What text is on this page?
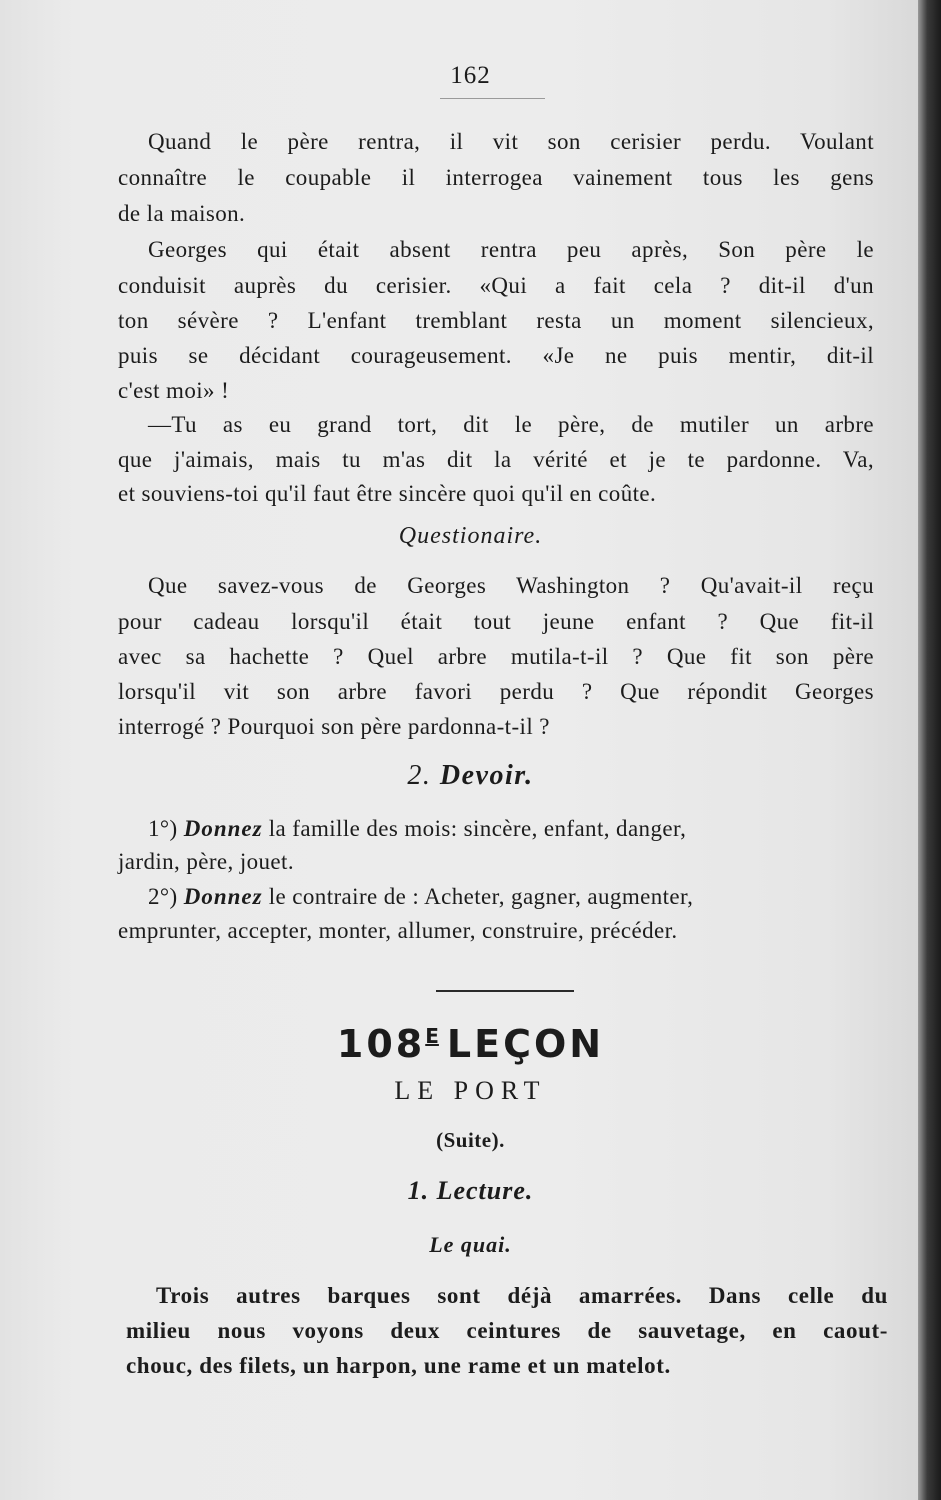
162

Quand le père rentra, il vit son cerisier perdu. Voulant

connaître le coupable il interrogea vainement tous les gens

de la maison.

Georges qui était absent rentra peu après, Son père le

conduisit auprès du cerisier. «Qui a fait cela ? dit-il d'un

ton sévère ? L'enfant tremblant resta un moment silencieux,

puis se décidant courageusement. «Je ne puis mentir, dit-il

c'est moi» !

—Tu as eu grand tort, dit le père, de mutiler un arbre

que j'aimais, mais tu m'as dit la vérité et je te pardonne. Va,

et souviens-toi qu'il faut être sincère quoi qu'il en coûte.

Questionaire.

Que savez-vous de Georges Washington ? Qu'avait-il reçu

pour cadeau lorsqu'il était tout jeune enfant ? Que fit-il

avec sa hachette ? Quel arbre mutila-t-il ? Que fit son père

lorsqu'il vit son arbre favori perdu ? Que répondit Georges

interrogé ? Pourquoi son père pardonna-t-il ?

2. Devoir.

1°) Donnez la famille des mois: sincère, enfant, danger,

jardin, père, jouet.

2°) Donnez le contraire de : Acheter, gagner, augmenter,

emprunter, accepter, monter, allumer, construire, précéder.

$108^E$ LEÇON

LE PORT

(Suite).

1. Lecture.

Le quai.

Trois autres barques sont déjà amarrées. Dans celle du

milieu nous voyons deux ceintures de sauvetage, en caout-

chouc, des filets, un harpon, une rame et un matelot.
